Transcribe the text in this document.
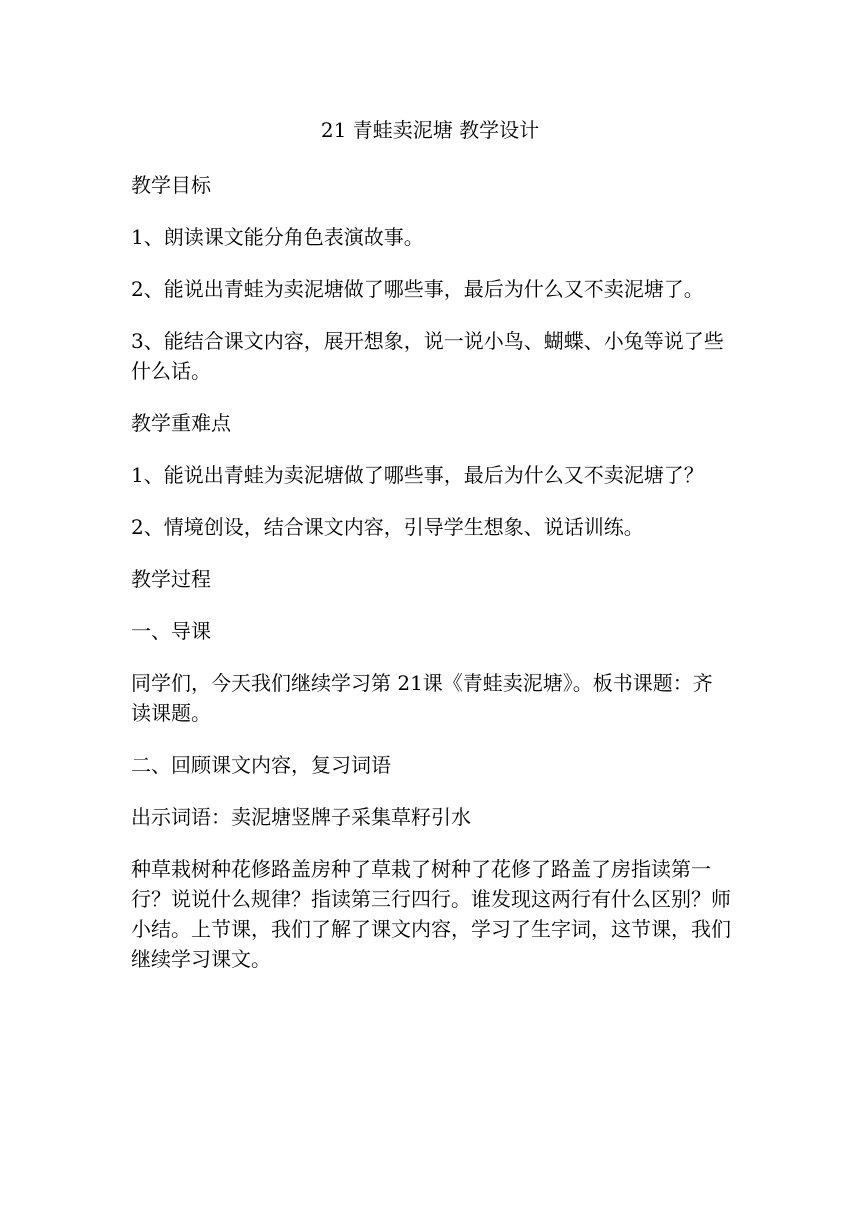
21 青蛙卖泥塘 教学设计

教学目标

1、朗读课文能分角色表演故事。

2、能说出青蛙为卖泥塘做了哪些事，最后为什么又不卖泥塘了。

3、能结合课文内容，展开想象，说一说小鸟、蝴蝶、小兔等说了些什么话。

教学重难点

1、能说出青蛙为卖泥塘做了哪些事，最后为什么又不卖泥塘了？

2、情境创设，结合课文内容，引导学生想象、说话训练。

教学过程

一、导课

同学们，今天我们继续学习第 21课《青蛙卖泥塘》。板书课题：齐读课题。

二、回顾课文内容，复习词语

出示词语：卖泥塘竖牌子采集草籽引水

种草栽树种花修路盖房种了草栽了树种了花修了路盖了房指读第一行？说说什么规律？指读第三行四行。谁发现这两行有什么区别？师小结。上节课，我们了解了课文内容，学习了生字词，这节课，我们继续学习课文。
